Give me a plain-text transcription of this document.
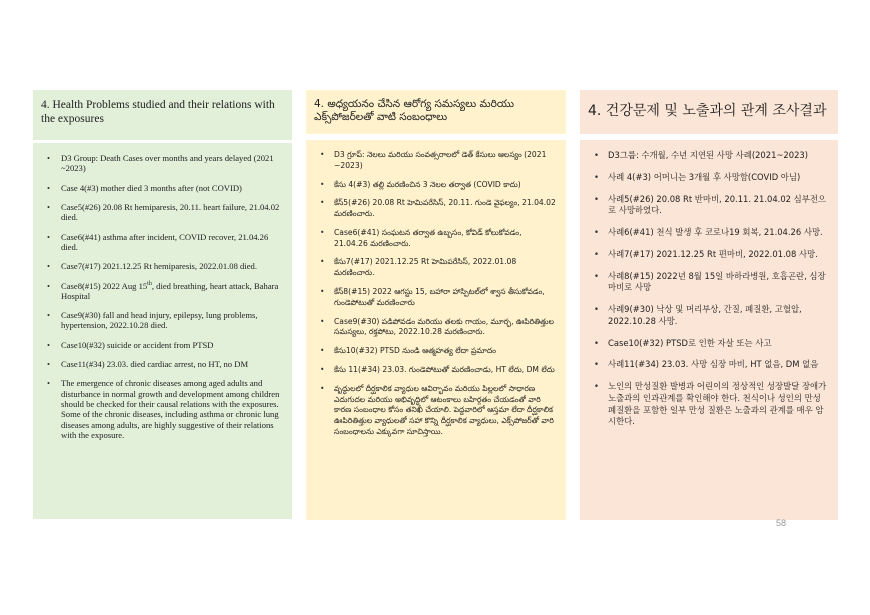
4. Health Problems studied and their relations with the exposures
• D3 Group: Death Cases over months and years delayed (2021 ~2023)
• Case 4(#3) mother died 3 months after (not COVID)
• Case5(#26) 20.08 Rt hemiparesis, 20.11. heart failure, 21.04.02 died.
• Case6(#41) asthma after incident, COVID recover, 21.04.26 died.
• Case7(#17) 2021.12.25 Rt hemiparesis, 2022.01.08 died.
• Case8(#15) 2022 Aug 15th, died breathing, heart attack, Bahara Hospital
• Case9(#30) fall and head injury, epilepsy, lung problems, hypertension, 2022.10.28 died.
• Case10(#32) suicide or accident from PTSD
• Case11(#34) 23.03. died cardiac arrest, no HT, no DM
• The emergence of chronic diseases among aged adults and disturbance in normal growth and development among children should be checked for their causal relations with the exposures. Some of the chronic diseases, including asthma or chronic lung diseases among adults, are highly suggestive of their relations with the exposure.
4. అధ్యయనం చేసిన ఆరోగ్య సమస్యలు మరియు ఎక్స్‌పోజర్‌లతో వాటి సంబంధాలు
• D3 గ్రూప్: నెలలు మరియు సంవత్సరాలలో డెత్ కేసులు ఆలస్యం (2021 ~2023)
• కేసు 4(#3) తల్లి మరణించిన 3 నెలల తర్వాత (COVID కాదు)
• కేస్5(#26) 20.08 Rt హెమిపరేసిస్, 20.11. గుండె వైఫల్యం, 21.04.02 మరణించారు.
• Case6(#41) సంఘటన తర్వాత ఉబ్బసం, కోవిడ్ కోలుకోవడం, 21.04.26 మరణించారు.
• కేసు7(#17) 2021.12.25 Rt హెమిపరేసిస్, 2022.01.08 మరణించారు.
• కేస్8(#15) 2022 ఆగస్టు 15, బహారా హాస్పిటల్‌లో శ్వాస తీసుకోవడం, గుండెపోటుతో మరణించారు
• Case9(#30) పడిపోవడం మరియు తలకు గాయం, మూర్ఛ, ఊపిరితిత్తుల సమస్యలు, రక్తపోటు, 2022.10.28 మరణించారు.
• కేసు10(#32) PTSD నుండి ఆత్మహత్య లేదా ప్రమాదం
• కేసు 11(#34) 23.03. గుండెపోటుతో మరణించాడు, HT లేదు, DM లేదు
• వృద్ధులలో దీర్ఘకాలిక వ్యాధుల ఆవిర్భావం మరియు పిల్లలలో సాధారణ ఎదుగుదల మరియు అభివృద్ధిలో ఆటంకాలు బహిర్గతం చేయడంతో వారి కారణ సంబంధాల కోసం తనిఖీ చేయాలి. పెద్దవారిలో ఆస్తమా లేదా దీర్ఘకాలిక ఊపిరితిత్తుల వ్యాధులతో సహా కొన్ని దీర్ఘకాలిక వ్యాధులు, ఎక్స్‌పోజర్‌తో వారి సంబంధాలను ఎక్కువగా సూచిస్తాయి.
4. 건강문제 및 노출과의 관계 조사결과
• D3그룹: 수개월, 수년 지연된 사망 사례(2021~2023)
• 사례 4(#3) 어머니는 3개월 후 사망함(COVID 아님)
• 사례5(#26) 20.08 Rt 반마비, 20.11. 21.04.02 심부전으로 사망하였다.
• 사례6(#41) 천식 발생 후 코로나19 회복, 21.04.26 사망.
• 사례7(#17) 2021.12.25 Rt 편마비, 2022.01.08 사망.
• 사례8(#15) 2022년 8월 15일 바하라병원, 호흡곤란, 심장마비로 사망
• 사례9(#30) 낙상 및 머리부상, 간질, 폐질환, 고혈압, 2022.10.28 사망.
• Case10(#32) PTSD로 인한 자살 또는 사고
• 사례11(#34) 23.03. 사망 심장 마비, HT 없음, DM 없음
• 노인의 만성질환 발병과 어린이의 정상적인 성장발달 장애가 노출과의 인과관계를 확인해야 한다. 천식이나 성인의 만성 폐질환을 포함한 일부 만성 질환은 노출과의 관계를 매우 암시한다.
58
